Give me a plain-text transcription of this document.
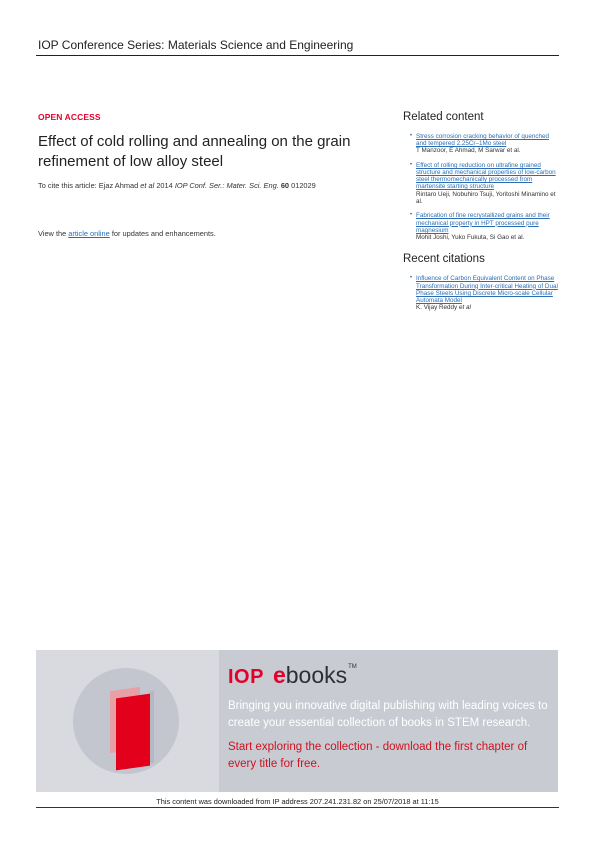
IOP Conference Series: Materials Science and Engineering
OPEN ACCESS
Effect of cold rolling and annealing on the grain refinement of low alloy steel
To cite this article: Ejaz Ahmad et al 2014 IOP Conf. Ser.: Mater. Sci. Eng. 60 012029
View the article online for updates and enhancements.
Related content
• Stress corrosion cracking behavior of quenched and tempered 2.25Cr–1Mo steel
T Manzoor, E Ahmad, M Sarwar et al.
• Effect of rolling reduction on ultrafine grained structure and mechanical properties of low-carbon steel thermomechanically processed from martensite starting structure
Rintaro Ueji, Nobuhiro Tsuji, Yoritoshi Minamino et al.
• Fabrication of fine recrystallized grains and their mechanical property in HPT processed pure magnesium
Mohit Joshi, Yuko Fukuta, Si Gao et al.
Recent citations
• Influence of Carbon Equivalent Content on Phase Transformation During Inter-critical Heating of Dual Phase Steels Using Discrete Micro-scale Cellular Automata Model
K. Vijay Reddy et al
IOP e books TM
Bringing you innovative digital publishing with leading voices to create your essential collection of books in STEM research.
Start exploring the collection - download the first chapter of every title for free.
This content was downloaded from IP address 207.241.231.82 on 25/07/2018 at 11:15
